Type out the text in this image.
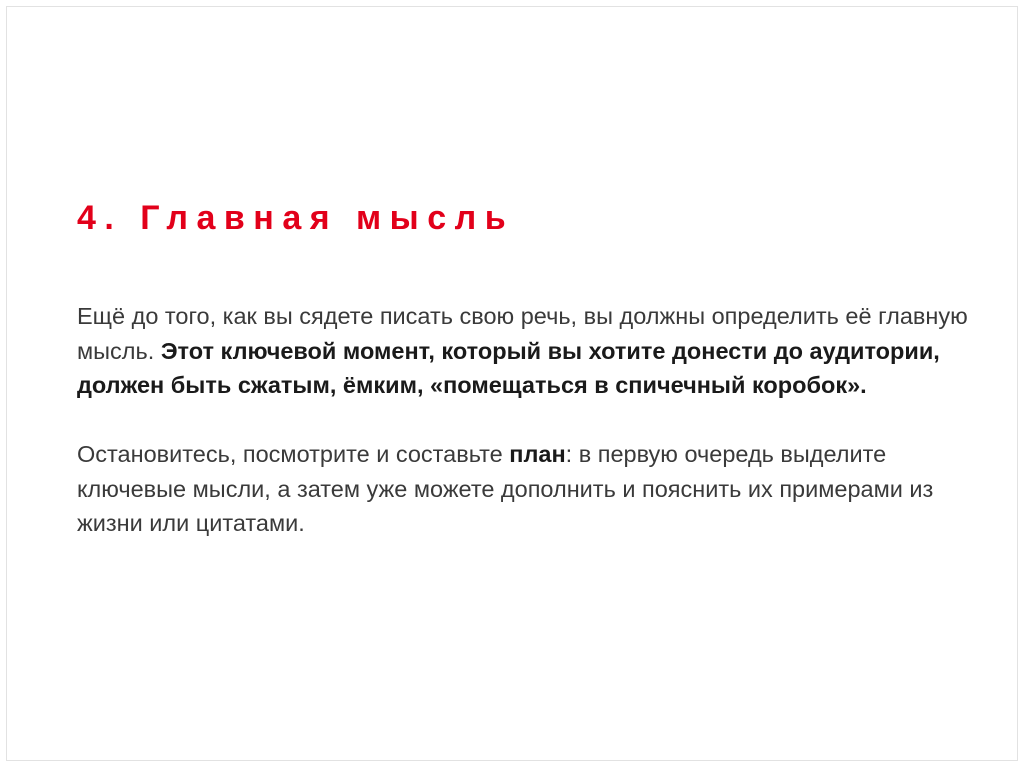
4. Главная мысль

Ещё до того, как вы сядете писать свою речь, вы должны определить её главную мысль. Этот ключевой момент, который вы хотите донести до аудитории, должен быть сжатым, ёмким, «помещаться в спичечный коробок».

Остановитесь, посмотрите и составьте план: в первую очередь выделите ключевые мысли, а затем уже можете дополнить и пояснить их примерами из жизни или цитатами.
